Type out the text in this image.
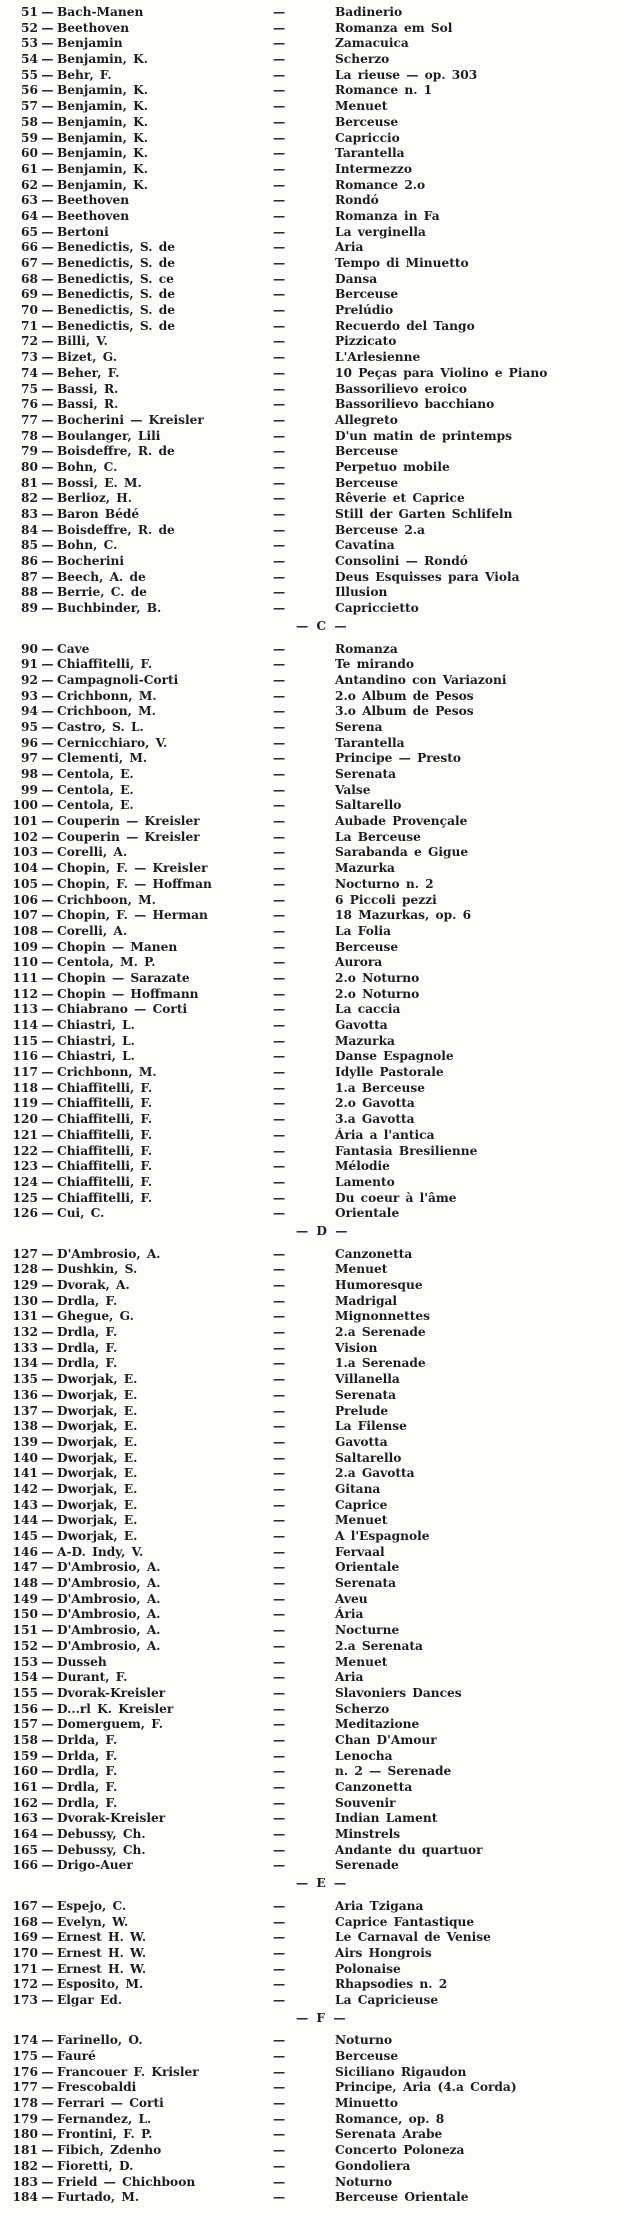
51 — Bach-Manen	—	Badinerio
52 — Beethoven	—	Romanza em Sol
53 — Benjamin	—	Zamacuica
54 — Benjamin, K.	—	Scherzo
55 — Behr, F.	—	La rieuse — op. 303
56 — Benjamin, K.	—	Romance n. 1
57 — Benjamin, K.	—	Menuet
58 — Benjamin, K.	—	Berceuse
59 — Benjamin, K.	—	Capriccio
60 — Benjamin, K.	—	Tarantella
61 — Benjamin, K.	—	Intermezzo
62 — Benjamin, K.	—	Romance 2.o
63 — Beethoven	—	Rondó
64 — Beethoven	—	Romanza in Fa
65 — Bertoni	—	La verginella
66 — Benedictis, S. de	—	Aria
67 — Benedictis, S. de	—	Tempo di Minuetto
68 — Benedictis, S. ce	—	Dansa
69 — Benedictis, S. de	—	Berceuse
70 — Benedictis, S. de	—	Prelúdio
71 — Benedictis, S. de	—	Recuerdo del Tango
72 — Billi, V.	—	Pizzicato
73 — Bizet, G.	—	L'Arlesienne
74 — Beher, F.	—	10 Peças para Violino e Piano
75 — Bassi, R.	—	Bassorilievo eroico
76 — Bassi, R.	—	Bassorilievo bacchiano
77 — Bocherini — Kreisler	—	Allegreto
78 — Boulanger, Lili	—	D'un matin de printemps
79 — Boisdeffre, R. de	—	Berceuse
80 — Bohn, C.	—	Perpetuo mobile
81 — Bossi, E. M.	—	Berceuse
82 — Berlioz, H.	—	Rêverie et Caprice
83 — Baron Bédé	—	Still der Garten Schlifeln
84 — Boisdeffre, R. de	—	Berceuse 2.a
85 — Bohn, C.	—	Cavatina
86 — Bocherini	—	Consolini — Rondó
87 — Beech, A. de	—	Deus Esquisses para Viola
88 — Berrie, C. de	—	Illusion
89 — Buchbinder, B.	—	Capriccietto
— C —
90 — Cave	—	Romanza
91 — Chiaffitelli, F.	—	Te mirando
92 — Campagnoli-Corti	—	Antandino con Variazoni
93 — Crichbonn, M.	—	2.o Album de Pesos
94 — Crichboon, M.	—	3.o Album de Pesos
95 — Castro, S. L.	—	Serena
96 — Cernicchiaro, V.	—	Tarantella
97 — Clementi, M.	—	Principe — Presto
98 — Centola, E.	—	Serenata
99 — Centola, E.	—	Valse
100 — Centola, E.	—	Saltarello
101 — Couperin — Kreisler	—	Aubade Provençale
102 — Couperin — Kreisler	—	La Berceuse
103 — Corelli, A.	—	Sarabanda e Gigue
104 — Chopin, F. — Kreisler	—	Mazurka
105 — Chopin, F. — Hoffman	—	Nocturno n. 2
106 — Crichboon, M.	—	6 Piccoli pezzi
107 — Chopin, F. — Herman	—	18 Mazurkas, op. 6
108 — Corelli, A.	—	La Folia
109 — Chopin — Manen	—	Berceuse
110 — Centola, M. P.	—	Aurora
111 — Chopin — Sarazate	—	2.o Noturno
112 — Chopin — Hoffmann	—	2.o Noturno
113 — Chiabrano — Corti	—	La caccia
114 — Chiastri, L.	—	Gavotta
115 — Chiastri, L.	—	Mazurka
116 — Chiastri, L.	—	Danse Espagnole
117 — Crichbonn, M.	—	Idylle Pastorale
118 — Chiaffitelli, F.	—	1.a Berceuse
119 — Chiaffitelli, F.	—	2.o Gavotta
120 — Chiaffitelli, F.	—	3.a Gavotta
121 — Chiaffitelli, F.	—	Ária a l'antica
122 — Chiaffitelli, F.	—	Fantasia Bresilienne
123 — Chiaffitelli, F.	—	Mélodie
124 — Chiaffitelli, F.	—	Lamento
125 — Chiaffitelli, F.	—	Du coeur à l'âme
126 — Cui, C.	—	Orientale
— D —
127 — D'Ambrosio, A.	—	Canzonetta
128 — Dushkin, S.	—	Menuet
129 — Dvorak, A.	—	Humoresque
130 — Drdla, F.	—	Madrigal
131 — Ghegue, G.	—	Mignonnettes
132 — Drdla, F.	—	2.a Serenade
133 — Drdla, F.	—	Vision
134 — Drdla, F.	—	1.a Serenade
135 — Dworjak, E.	—	Villanella
136 — Dworjak, E.	—	Serenata
137 — Dworjak, E.	—	Prelude
138 — Dworjak, E.	—	La Filense
139 — Dworjak, E.	—	Gavotta
140 — Dworjak, E.	—	Saltarello
141 — Dworjak, E.	—	2.a Gavotta
142 — Dworjak, E.	—	Gitana
143 — Dworjak, E.	—	Caprice
144 — Dworjak, E.	—	Menuet
145 — Dworjak, E.	—	A l'Espagnole
146 — A-D. Indy, V.	—	Fervaal
147 — D'Ambrosio, A.	—	Orientale
148 — D'Ambrosio, A.	—	Serenata
149 — D'Ambrosio, A.	—	Aveu
150 — D'Ambrosio, A.	—	Ária
151 — D'Ambrosio, A.	—	Nocturne
152 — D'Ambrosio, A.	—	2.a Serenata
153 — Dusseh	—	Menuet
154 — Durant, F.	—	Aria
155 — Dvorak-Kreisler	—	Slavoniers Dances
156 — D...rl K. Kreisler	—	Scherzo
157 — Domerguem, F.	—	Meditazione
158 — Drlda, F.	—	Chan D'Amour
159 — Drlda, F.	—	Lenocha
160 — Drdla, F.	—	n. 2 — Serenade
161 — Drdla, F.	—	Canzonetta
162 — Drdla, F.	—	Souvenir
163 — Dvorak-Kreisler	—	Indian Lament
164 — Debussy, Ch.	—	Minstrels
165 — Debussy, Ch.	—	Andante du quartuor
166 — Drigo-Auer	—	Serenade
— E —
167 — Espejo, C.	—	Aria Tzigana
168 — Evelyn, W.	—	Caprice Fantastique
169 — Ernest H. W.	—	Le Carnaval de Venise
170 — Ernest H. W.	—	Airs Hongrois
171 — Ernest H. W.	—	Polonaise
172 — Esposito, M.	—	Rhapsodies n. 2
173 — Elgar Ed.	—	La Capricieuse
— F —
174 — Farinello, O.	—	Noturno
175 — Fauré	—	Berceuse
176 — Francouer F. Krisler	—	Siciliano Rigaudon
177 — Frescobaldi	—	Principe, Aria (4.a Corda)
178 — Ferrari — Corti	—	Minuetto
179 — Fernandez, L.	—	Romance, op. 8
180 — Frontini, F. P.	—	Serenata Arabe
181 — Fibich, Zdenho	—	Concerto Poloneza
182 — Fioretti, D.	—	Gondoliera
183 — Frield — Chichboon	—	Noturno
184 — Furtado, M.	—	Berceuse Orientale
